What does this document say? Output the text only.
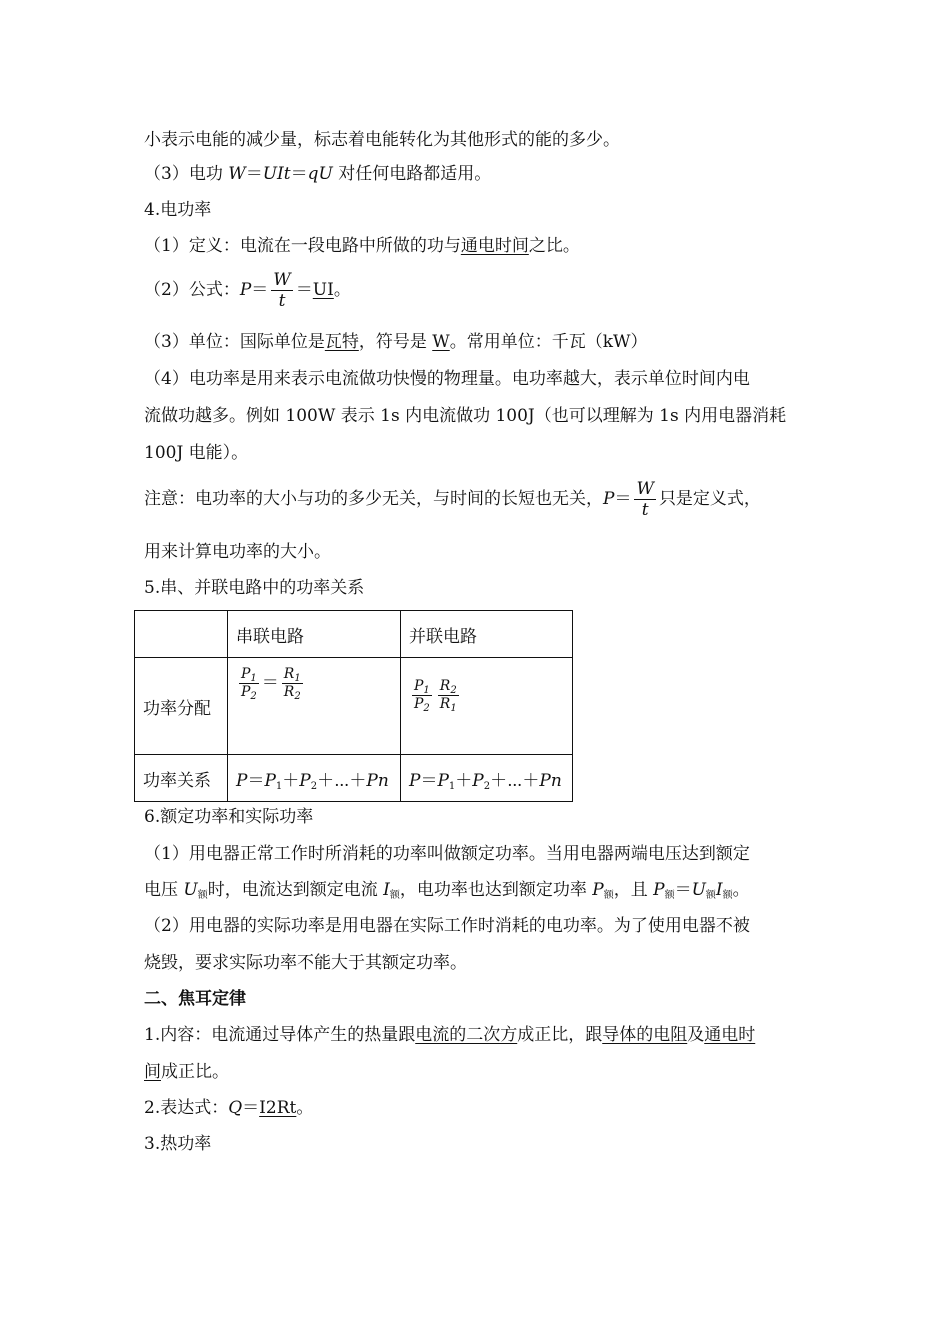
小表示电能的减少量，标志着电能转化为其他形式的能的多少。
（3）电功 W＝UIt＝qU 对任何电路都适用。
4.电功率
（1）定义：电流在一段电路中所做的功与通电时间之比。
（2）公式：$P= \frac{W}{t} =UI$。
（3）单位：国际单位是瓦特，符号是 W。常用单位：千瓦（kW）
（4）电功率是用来表示电流做功快慢的物理量。电功率越大，表示单位时间内电
流做功越多。例如 100W 表示 1s 内电流做功 100J（也可以理解为 1s 内用电器消耗
100J 电能）。
注意：电功率的大小与功的多少无关，与时间的长短也无关，$P= \frac{W}{t}$ 只是定义式，
用来计算电功率的大小。
5.串、并联电路中的功率关系
	串联电路	并联电路
功率分配	$\frac{P_1}{P_2} = \frac{R_1}{R_2}$	$\frac{P_1}{P_2} \frac{R_2}{R_1}$

功率关系	$P=P_1+P_2+\cdots+Pn$	$P=P_1+P_2+\cdots+Pn$
6.额定功率和实际功率
（1）用电器正常工作时所消耗的功率叫做额定功率。当用电器两端电压达到额定
电压 $U_额$时，电流达到额定电流 $I_额$，电功率也达到额定功率 $P_额$，且 $P_额=U_额I_额$。
（2）用电器的实际功率是用电器在实际工作时消耗的电功率。为了使用电器不被
烧毁，要求实际功率不能大于其额定功率。
二、焦耳定律
1.内容：电流通过导体产生的热量跟电流的二次方成正比，跟导体的电阻及通电时
间成正比。
2.表达式：Q＝I2Rt。
3.热功率
